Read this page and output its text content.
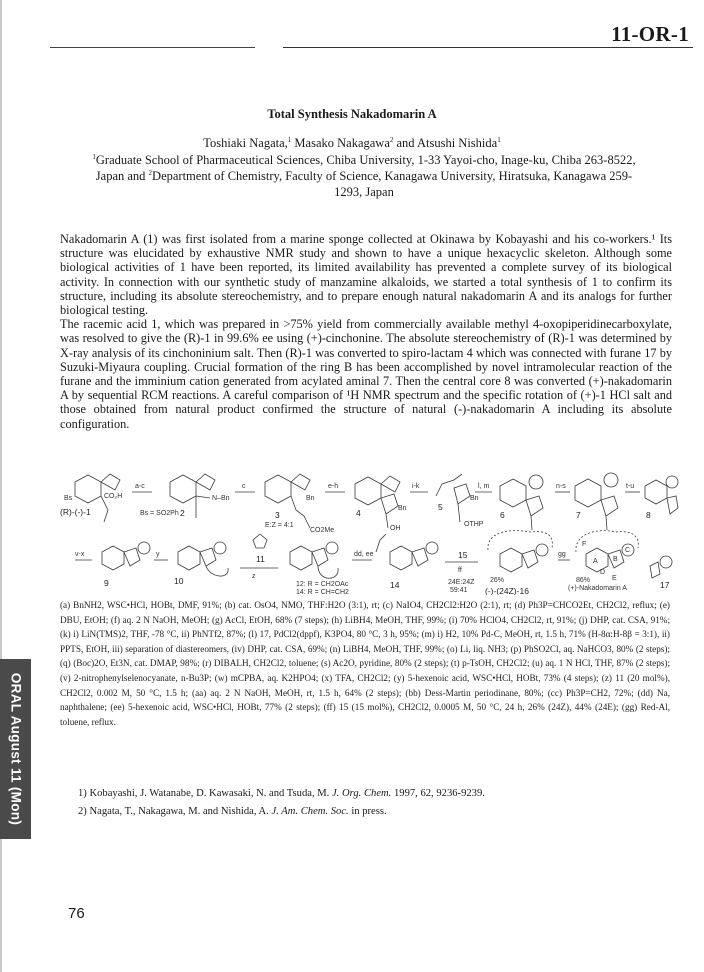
11-OR-1
Total Synthesis Nakadomarin A
Toshiaki Nagata,$^1$ Masako Nakagawa$^2$ and Atsushi Nishida$^1$
$^1$Graduate School of Pharmaceutical Sciences, Chiba University, 1-33 Yayoi-cho, Inage-ku, Chiba 263-8522, Japan and $^2$Department of Chemistry, Faculty of Science, Kanagawa University, Hiratsuka, Kanagawa 259-1293, Japan

Nakadomarin A (1) was first isolated from a marine sponge collected at Okinawa by Kobayashi and his co-workers.¹ Its structure was elucidated by exhaustive NMR study and shown to have a unique hexacyclic skeleton. Although some biological activities of 1 have been reported, its limited availability has prevented a complete survey of its biological activity. In connection with our synthetic study of manzamine alkaloids, we started a total synthesis of 1 to confirm its structure, including its absolute stereochemistry, and to prepare enough natural nakadomarin A and its analogs for further biological testing.

The racemic acid 1, which was prepared in >75% yield from commercially available methyl 4-oxopiperidinecarboxylate, was resolved to give the (R)-1 in 99.6% ee using (+)-cinchonine. The absolute stereochemistry of (R)-1 was determined by X-ray analysis of its cinchoninium salt. Then (R)-1 was converted to spiro-lactam 4 which was connected with furane 17 by Suzuki-Miyaura coupling. Crucial formation of the ring B has been accomplished by novel intramolecular reaction of the furane and the imminium cation generated from acylated aminal 7. Then the central core 8 was converted (+)-nakadomarin A by sequential RCM reactions. A careful comparison of ¹H NMR spectrum and the specific rotation of (+)-1 HCl salt and those obtained from natural product confirmed the structure of natural (-)-nakadomarin A including its absolute configuration.

CO₂H
Bs
(R)-(-)-1	Bs = SO2Ph
a-c
N–Bn
2
c
Bn
3
E:Z = 4:1
CO2Me
e-h
OH
Bn
4
i-k
OTHP
Bn
5
l, m
6
n-s
7
t-u
8
v-x
9
y
10
11
z
12: R = CH2OAc
14: R = CH=CH2
dd, ee
14
15
ff
24E:24Z
59:41
26%
(-)-(24Z)-16
gg
A B
C
D
E
F
86%
(+)-Nakadomarin A	17
(a) BnNH2, WSC•HCl, HOBt, DMF, 91%; (b) cat. OsO4, NMO, THF:H2O (3:1), rt; (c) NaIO4, CH2Cl2:H2O (2:1), rt; (d) Ph3P=CHCO2Et, CH2Cl2, reflux; (e) DBU, EtOH; (f) aq. 2 N NaOH, MeOH; (g) AcCl, EtOH, 68% (7 steps); (h) LiBH4, MeOH, THF, 99%; (i) 70% HClO4, CH2Cl2, rt, 91%; (j) DHP, cat. CSA, 91%; (k) i) LiN(TMS)2, THF, -78 °C, ii) PhNTf2, 87%; (l) 17, PdCl2(dppf), K3PO4, 80 °C, 3 h, 95%; (m) i) H2, 10% Pd-C, MeOH, rt, 1.5 h, 71% (H-8α:H-8β = 3:1), ii) PPTS, EtOH, iii) separation of diastereomers, (iv) DHP, cat. CSA, 69%; (n) LiBH4, MeOH, THF, 99%; (o) Li, liq. NH3; (p) PhSO2Cl, aq. NaHCO3, 80% (2 steps); (q) (Boc)2O, Et3N, cat. DMAP, 98%; (r) DIBALH, CH2Cl2, toluene; (s) Ac2O, pyridine, 80% (2 steps); (t) p-TsOH, CH2Cl2; (u) aq. 1 N HCl, THF, 87% (2 steps); (v) 2-nitrophenylselenocyanate, n-Bu3P; (w) mCPBA, aq. K2HPO4; (x) TFA, CH2Cl2; (y) 5-hexenoic acid, WSC•HCl, HOBt, 73% (4 steps); (z) 11 (20 mol%), CH2Cl2, 0.002 M, 50 °C, 1.5 h; (aa) aq. 2 N NaOH, MeOH, rt, 1.5 h, 64% (2 steps); (bb) Dess-Martin periodinane, 80%; (cc) Ph3P=CH2, 72%; (dd) Na, naphthalene; (ee) 5-hexenoic acid, WSC•HCl, HOBt, 77% (2 steps); (ff) 15 (15 mol%), CH2Cl2, 0.0005 M, 50 °C, 24 h, 26% (24Z), 44% (24E); (gg) Red-Al, toluene, reflux.
1) Kobayashi, J. Watanabe, D. Kawasaki, N. and Tsuda, M. J. Org. Chem. 1997, 62, 9236-9239.
2) Nagata, T., Nakagawa, M. and Nishida, A. J. Am. Chem. Soc. in press.
ORAL August 11 (Mon)
76
